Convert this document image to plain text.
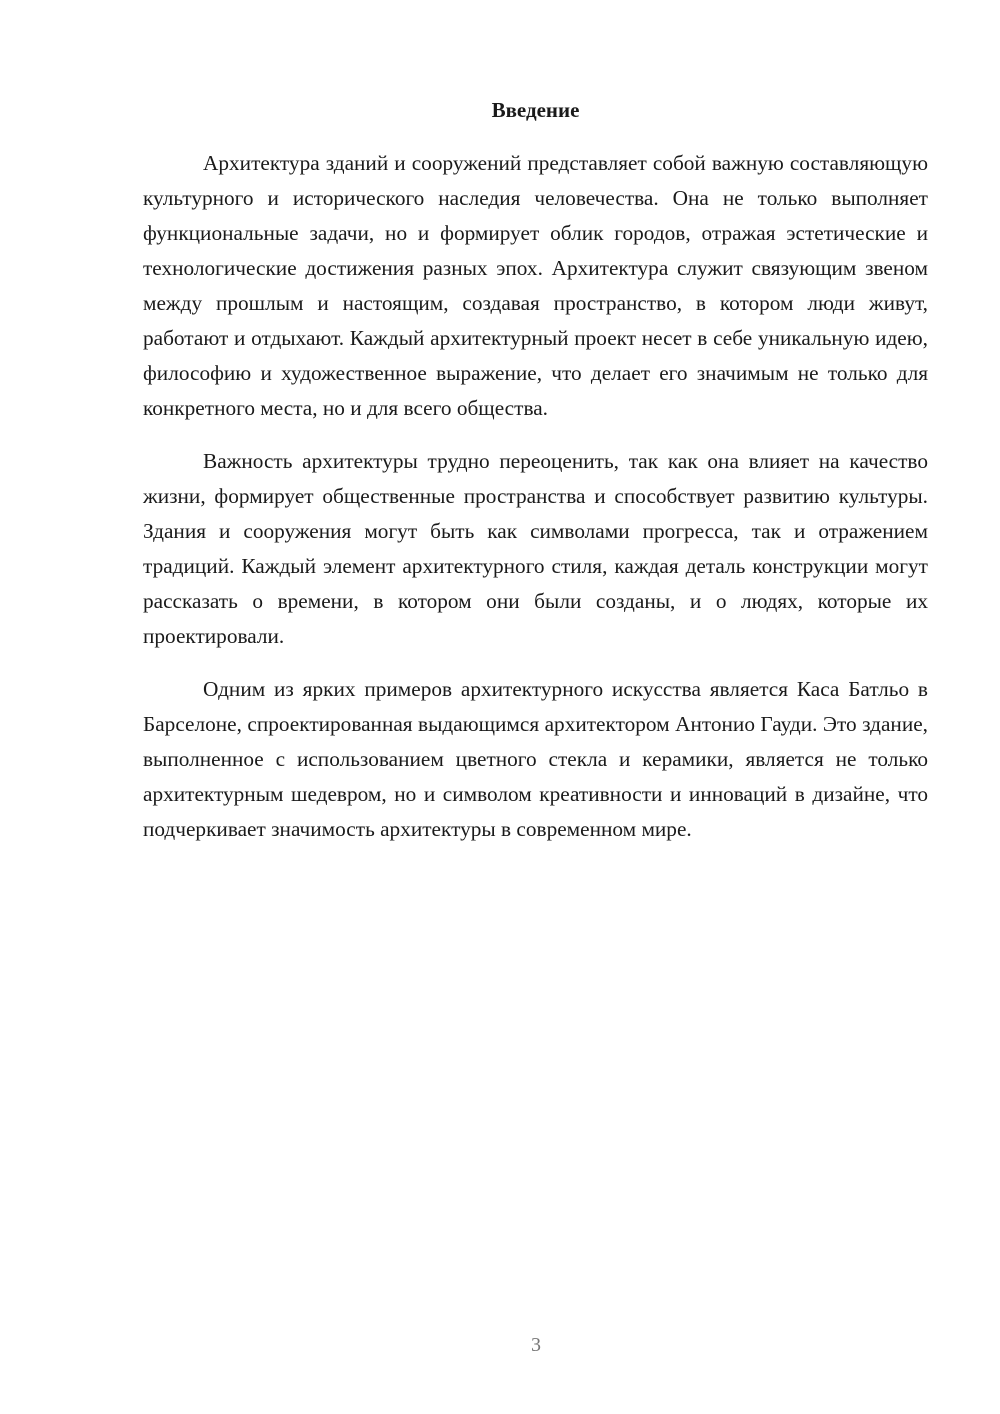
Введение

Архитектура зданий и сооружений представляет собой важную составляющую культурного и исторического наследия человечества. Она не только выполняет функциональные задачи, но и формирует облик городов, отражая эстетические и технологические достижения разных эпох. Архитектура служит связующим звеном между прошлым и настоящим, создавая пространство, в котором люди живут, работают и отдыхают. Каждый архитектурный проект несет в себе уникальную идею, философию и художественное выражение, что делает его значимым не только для конкретного места, но и для всего общества.

Важность архитектуры трудно переоценить, так как она влияет на качество жизни, формирует общественные пространства и способствует развитию культуры. Здания и сооружения могут быть как символами прогресса, так и отражением традиций. Каждый элемент архитектурного стиля, каждая деталь конструкции могут рассказать о времени, в котором они были созданы, и о людях, которые их проектировали.

Одним из ярких примеров архитектурного искусства является Каса Батльо в Барселоне, спроектированная выдающимся архитектором Антонио Гауди. Это здание, выполненное с использованием цветного стекла и керамики, является не только архитектурным шедевром, но и символом креативности и инноваций в дизайне, что подчеркивает значимость архитектуры в современном мире.

3
